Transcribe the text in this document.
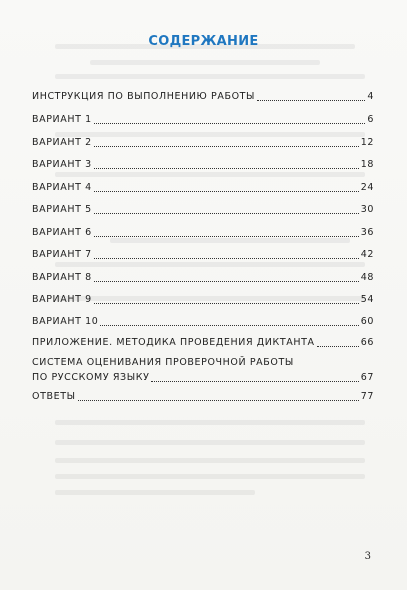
СОДЕРЖАНИЕ
ИНСТРУКЦИЯ ПО ВЫПОЛНЕНИЮ РАБОТЫ	4
ВАРИАНТ 1	6
ВАРИАНТ 2	12
ВАРИАНТ 3	18
ВАРИАНТ 4	24
ВАРИАНТ 5	30
ВАРИАНТ 6	36
ВАРИАНТ 7	42
ВАРИАНТ 8	48
ВАРИАНТ 9	54
ВАРИАНТ 10	60
ПРИЛОЖЕНИЕ. МЕТОДИКА ПРОВЕДЕНИЯ ДИКТАНТА	66
СИСТЕМА ОЦЕНИВАНИЯ ПРОВЕРОЧНОЙ РАБОТЫ
ПО РУССКОМУ ЯЗЫКУ	67
ОТВЕТЫ	77
3
